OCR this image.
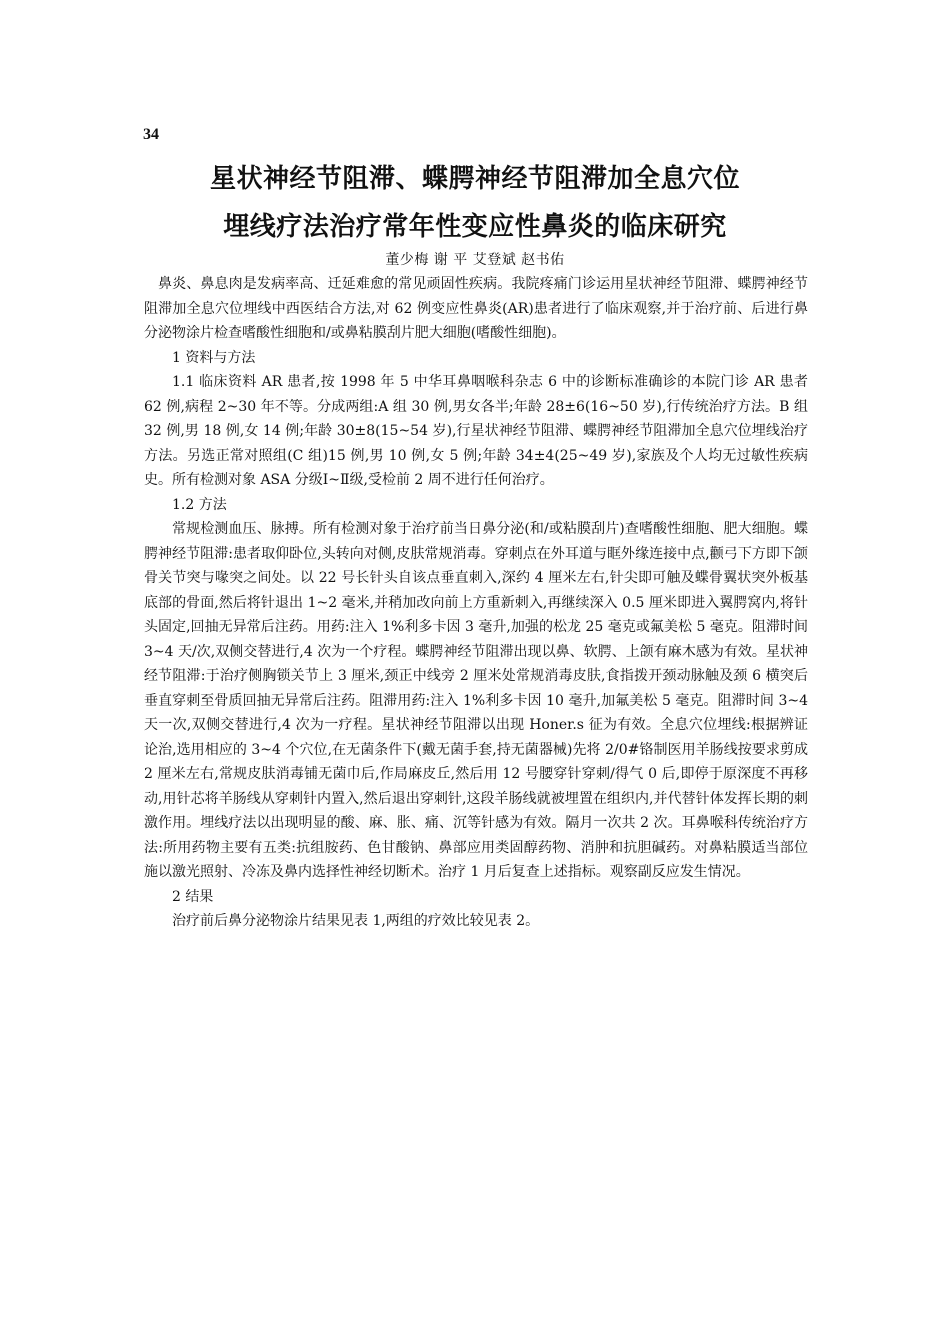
34
星状神经节阻滞、蝶腭神经节阻滞加全息穴位
埋线疗法治疗常年性变应性鼻炎的临床研究
董少梅 谢 平 艾登斌 赵书佑

鼻炎、鼻息肉是发病率高、迁延难愈的常见顽固性疾病。我院疼痛门诊运用星状神经节阻滞、蝶腭神经节阻滞加全息穴位埋线中西医结合方法,对 62 例变应性鼻炎(AR)患者进行了临床观察,并于治疗前、后进行鼻分泌物涂片检查嗜酸性细胞和/或鼻粘膜刮片肥大细胞(嗜酸性细胞)。

1 资料与方法

1.1 临床资料 AR 患者,按 1998 年 5 中华耳鼻咽喉科杂志 6 中的诊断标准确诊的本院门诊 AR 患者 62 例,病程 2~30 年不等。分成两组:A 组 30 例,男女各半;年龄 28±6(16~50 岁),行传统治疗方法。B 组 32 例,男 18 例,女 14 例;年龄 30±8(15~54 岁),行星状神经节阻滞、蝶腭神经节阻滞加全息穴位埋线治疗方法。另选正常对照组(C 组)15 例,男 10 例,女 5 例;年龄 34±4(25~49 岁),家族及个人均无过敏性疾病史。所有检测对象 ASA 分级Ⅰ~Ⅱ级,受检前 2 周不进行任何治疗。

1.2 方法

常规检测血压、脉搏。所有检测对象于治疗前当日鼻分泌(和/或粘膜刮片)查嗜酸性细胞、肥大细胞。蝶腭神经节阻滞:患者取仰卧位,头转向对侧,皮肤常规消毒。穿刺点在外耳道与眶外缘连接中点,颧弓下方即下颌骨关节突与喙突之间处。以 22 号长针头自该点垂直刺入,深约 4 厘米左右,针尖即可触及蝶骨翼状突外板基底部的骨面,然后将针退出 1~2 毫米,并稍加改向前上方重新刺入,再继续深入 0.5 厘米即进入翼腭窝内,将针头固定,回抽无异常后注药。用药:注入 1%利多卡因 3 毫升,加强的松龙 25 毫克或氟美松 5 毫克。阻滞时间 3~4 天/次,双侧交替进行,4 次为一个疗程。蝶腭神经节阻滞出现以鼻、软腭、上颌有麻木感为有效。星状神经节阻滞:于治疗侧胸锁关节上 3 厘米,颈正中线旁 2 厘米处常规消毒皮肤,食指拨开颈动脉触及颈 6 横突后垂直穿刺至骨质回抽无异常后注药。阻滞用药:注入 1%利多卡因 10 毫升,加氟美松 5 毫克。阻滞时间 3~4 天一次,双侧交替进行,4 次为一疗程。星状神经节阻滞以出现 Honer.s 征为有效。全息穴位埋线:根据辨证论治,选用相应的 3~4 个穴位,在无菌条件下(戴无菌手套,持无菌器械)先将 2/0#铬制医用羊肠线按要求剪成 2 厘米左右,常规皮肤消毒铺无菌巾后,作局麻皮丘,然后用 12 号腰穿针穿刺/得气 0 后,即停于原深度不再移动,用针芯将羊肠线从穿刺针内置入,然后退出穿刺针,这段羊肠线就被埋置在组织内,并代替针体发挥长期的刺激作用。埋线疗法以出现明显的酸、麻、胀、痛、沉等针感为有效。隔月一次共 2 次。耳鼻喉科传统治疗方法:所用药物主要有五类:抗组胺药、色甘酸钠、鼻部应用类固醇药物、消肿和抗胆碱药。对鼻粘膜适当部位施以激光照射、冷冻及鼻内选择性神经切断术。治疗 1 月后复查上述指标。观察副反应发生情况。

2 结果

治疗前后鼻分泌物涂片结果见表 1,两组的疗效比较见表 2。
